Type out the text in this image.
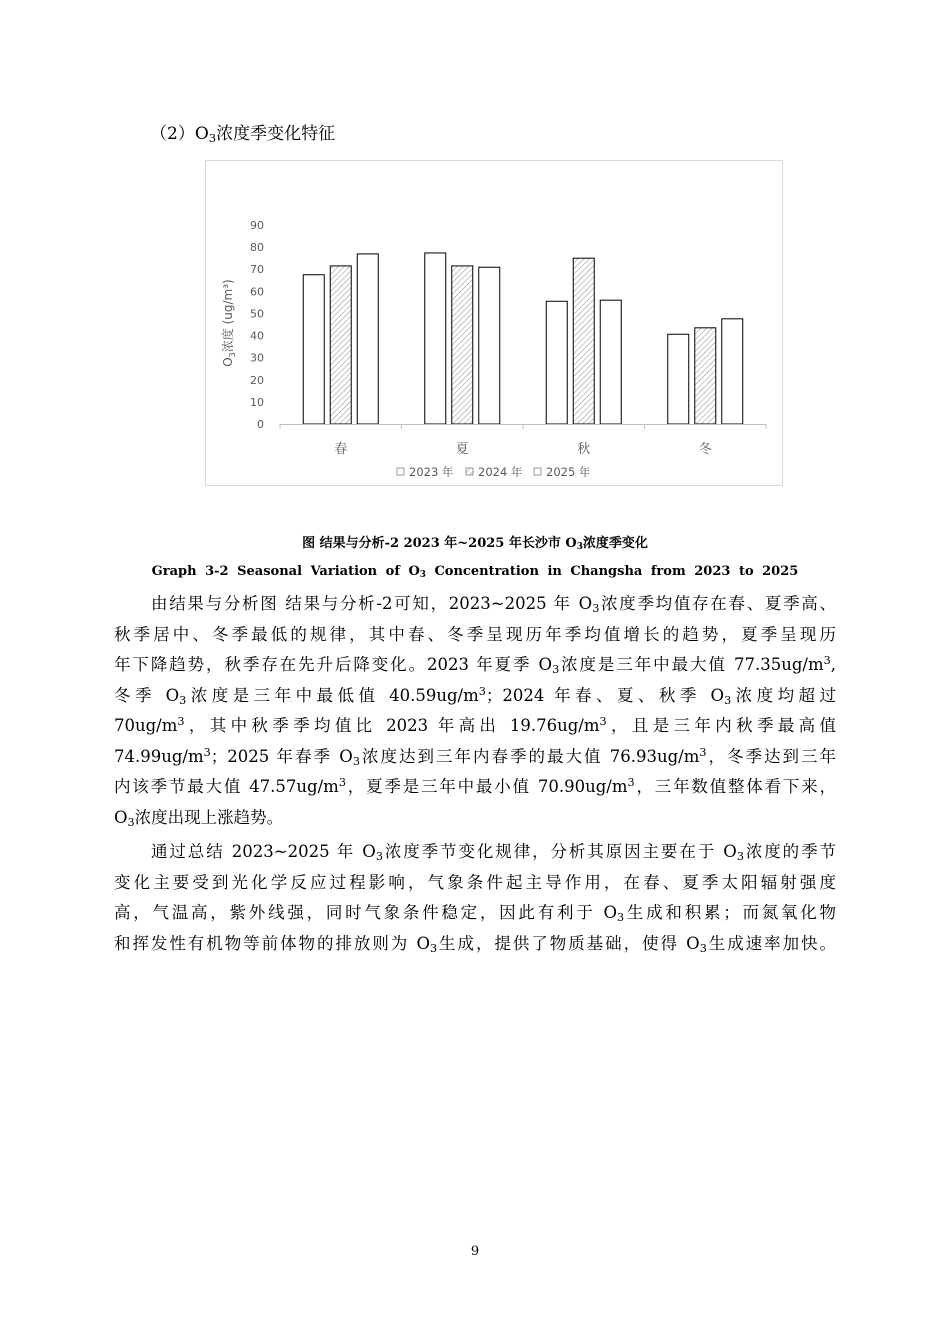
$(2)O_3$浓度季变化特征
0
10
20
30
40
50
60
70
80
90
春	夏	秋	冬
$O_3$浓度 (ug/m³)
2023 年 2024 年 2025 年
图 结果与分析-2 2023 年~2025 年长沙市 $O_3$浓度季变化
Graph 3-2 Seasonal Variation of $O_3$ Concentration in Changsha from 2023 to 2025
由结果与分析图 结果与分析-2可知，2023~2025 年 $O_3$浓度季均值存在春、夏季高、
秋季居中、冬季最低的规律，其中春、冬季呈现历年季均值增长的趋势，夏季呈现历
年下降趋势，秋季存在先升后降变化。2023 年夏季 $O_3$浓度是三年中最大值 $77.35ug/m^3$,
冬季 $O_3$浓度是三年中最低值 $40.59ug/m^3$；2024 年春、夏、秋季 $O_3$浓度均超过
$70ug/m^3$，其中秋季季均值比 2023 年高出 $19.76ug/m^3$，且是三年内秋季最高值
$74.99ug/m^3$；2025 年春季 $O_3$浓度达到三年内春季的最大值 $76.93ug/m^3$，冬季达到三年
内该季节最大值 $47.57ug/m^3$，夏季是三年中最小值 $70.90ug/m^3$，三年数值整体看下来，
$O_3$浓度出现上涨趋势。
通过总结 2023~2025 年 $O_3$浓度季节变化规律，分析其原因主要在于 $O_3$浓度的季节
变化主要受到光化学反应过程影响，气象条件起主导作用，在春、夏季太阳辐射强度
高，气温高，紫外线强，同时气象条件稳定，因此有利于 $O_3$生成和积累；而氮氧化物
和挥发性有机物等前体物的排放则为 $O_3$生成，提供了物质基础，使得 $O_3$生成速率加快。
9
